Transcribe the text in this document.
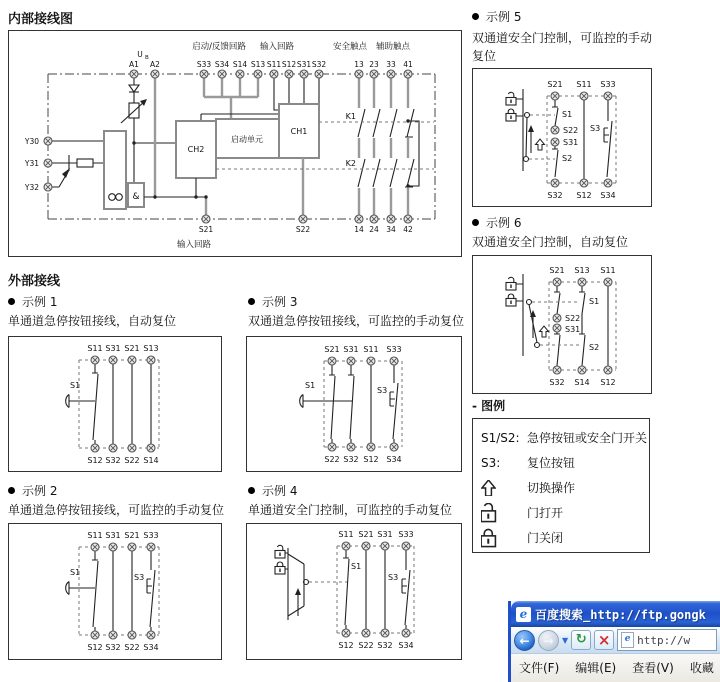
内部接线图
外部接线
U B
启动/反馈回路 输入回路	安全触点 辅助触点
A1 A2	S33 S34 S14 S13 S11 S12 S31 S32	13 23 33 41
Y30
Y31
Y32
S21	S22	14 24 34 42
输入回路
&
CH2
启动单元
CH1
K1
K2
示例 1
单通道急停按钮接线，自动复位
S1
S11 S31 S21 S13
S12 S32 S22 S14
示例 3
双通道急停按钮接线，可监控的手动复位
S1
S3
S21 S31 S11 S33
S22 S32 S12 S34
示例 2
单通道急停按钮接线，可监控的手动复位
S1
S3
S11 S31 S21 S33
S12 S32 S22 S34
示例 4
单通道安全门控制，可监控的手动复位
S1
S3
S11 S21 S31 S33
S12 S22 S32 S34
示例 5
双通道安全门控制，可监控的手动
复位
S1
S2
S3
S21 S11 S33
S22
S31
S32 S12 S34
示例 6
双通道安全门控制，自动复位
S1
S2
S21 S13 S11
S22
S31
S32 S14 S12
- 图例
S1/S2: 急停按钮或安全门开关
S3:	复位按钮
切换操作
门打开
门关闭
e 百度搜索_http://ftp.gongk
←	→	▼ ↻ ×	e http://w
文件(F) 编辑(E) 查看(V) 收藏
